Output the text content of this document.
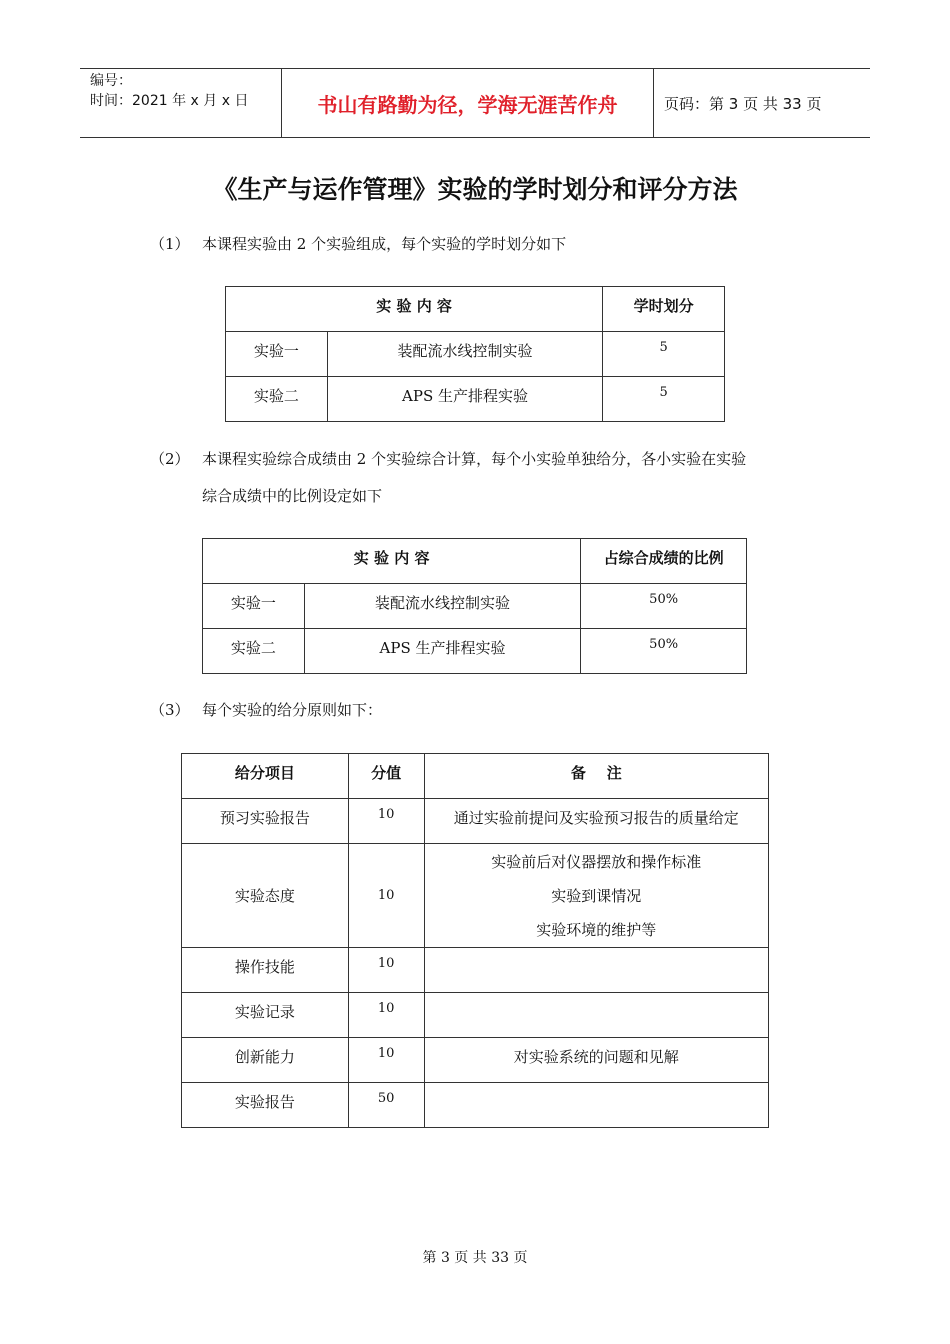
编号：
时间：2021 年 x 月 x 日	书山有路勤为径，学海无涯苦作舟	页码：第 3 页 共 33 页
《生产与运作管理》实验的学时划分和评分方法
（1） 本课程实验由 2 个实验组成，每个实验的学时划分如下
实 验 内 容		学时划分
实验一	装配流水线控制实验	5
实验二	APS 生产排程实验	5
（2） 本课程实验综合成绩由 2 个实验综合计算，每个小实验单独给分，各小实验在实验
综合成绩中的比例设定如下
实 验 内 容		占综合成绩的比例
实验一	装配流水线控制实验	50%
实验二	APS 生产排程实验	50%
（3） 每个实验的给分原则如下：
给分项目	分值	备    注
预习实验报告	10	通过实验前提问及实验预习报告的质量给定
实验态度	10	实验前后对仪器摆放和操作标准
实验到课情况
实验环境的维护等

操作技能	10	
实验记录	10	
创新能力	10	对实验系统的问题和见解
实验报告	50	
第 3 页 共 33 页
